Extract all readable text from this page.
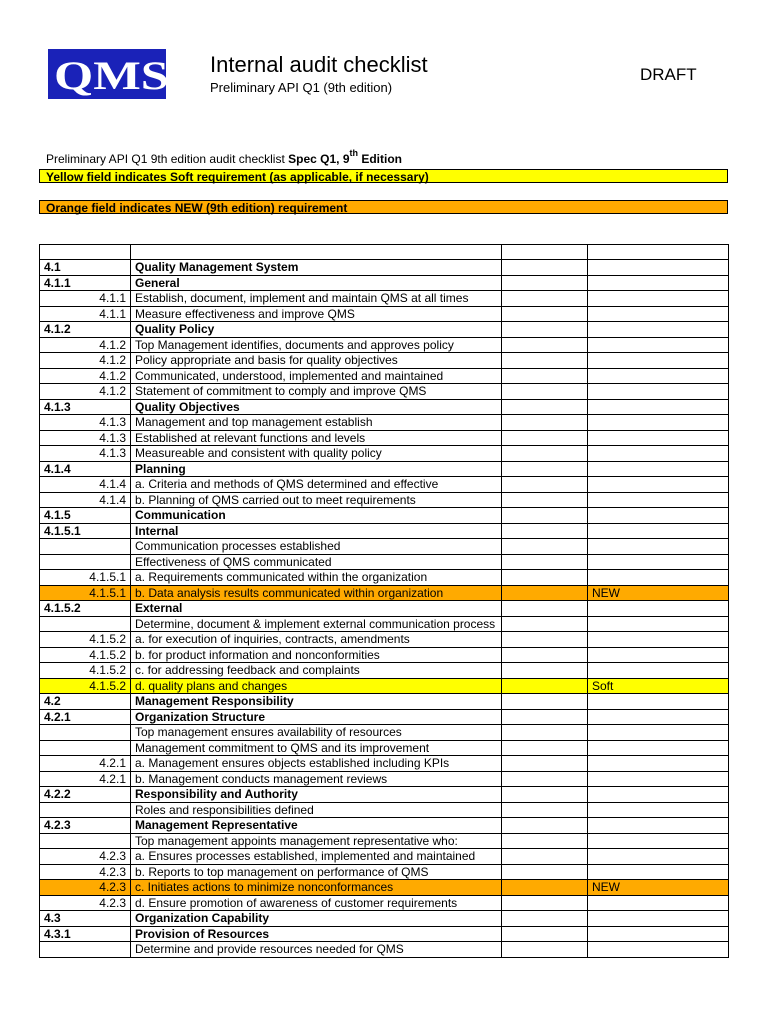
QMS1 Internal audit checklist
Preliminary API Q1 (9th edition)
DRAFT
Preliminary API Q1 9th edition audit checklist Spec Q1, 9th Edition
Yellow field indicates Soft requirement (as applicable, if necessary)
Orange field indicates NEW (9th edition) requirement

4.1	Quality Management System		
4.1.1	General		
4.1.1	Establish, document, implement and maintain QMS at all times		
4.1.1	Measure effectiveness and improve QMS		
4.1.2	Quality Policy		
4.1.2	Top Management identifies, documents and approves policy		
4.1.2	Policy appropriate and basis for quality objectives		
4.1.2	Communicated, understood, implemented and maintained		
4.1.2	Statement of commitment to comply and improve QMS		
4.1.3	Quality Objectives		
4.1.3	Management and top management establish		
4.1.3	Established at relevant functions and levels		
4.1.3	Measureable and consistent with quality policy		
4.1.4	Planning		
4.1.4	a. Criteria and methods of QMS determined and effective		
4.1.4	b. Planning of QMS carried out to meet requirements		
4.1.5	Communication		
4.1.5.1	Internal		
	Communication processes established		
	Effectiveness of QMS communicated		
4.1.5.1	a. Requirements communicated within the organization		
4.1.5.1	b. Data analysis results communicated within organization		NEW
4.1.5.2	External		
	Determine, document & implement external communication process		
4.1.5.2	a. for execution of inquiries, contracts, amendments		
4.1.5.2	b. for product information and nonconformities		
4.1.5.2	c. for addressing feedback and complaints		
4.1.5.2	d. quality plans and changes		Soft
4.2	Management Responsibility		
4.2.1	Organization Structure		
	Top management ensures availability of resources		
	Management commitment to QMS and its improvement		
4.2.1	a. Management ensures objects established including KPIs		
4.2.1	b. Management conducts management reviews		
4.2.2	Responsibility and Authority		
	Roles and responsibilities defined		
4.2.3	Management Representative		
	Top management appoints management representative who:		
4.2.3	a. Ensures processes established, implemented and maintained		
4.2.3	b. Reports to top management on performance of QMS		
4.2.3	c. Initiates actions to minimize nonconformances		NEW
4.2.3	d. Ensure promotion of awareness of customer requirements		
4.3	Organization Capability		
4.3.1	Provision of Resources		
	Determine and provide resources needed for QMS		
